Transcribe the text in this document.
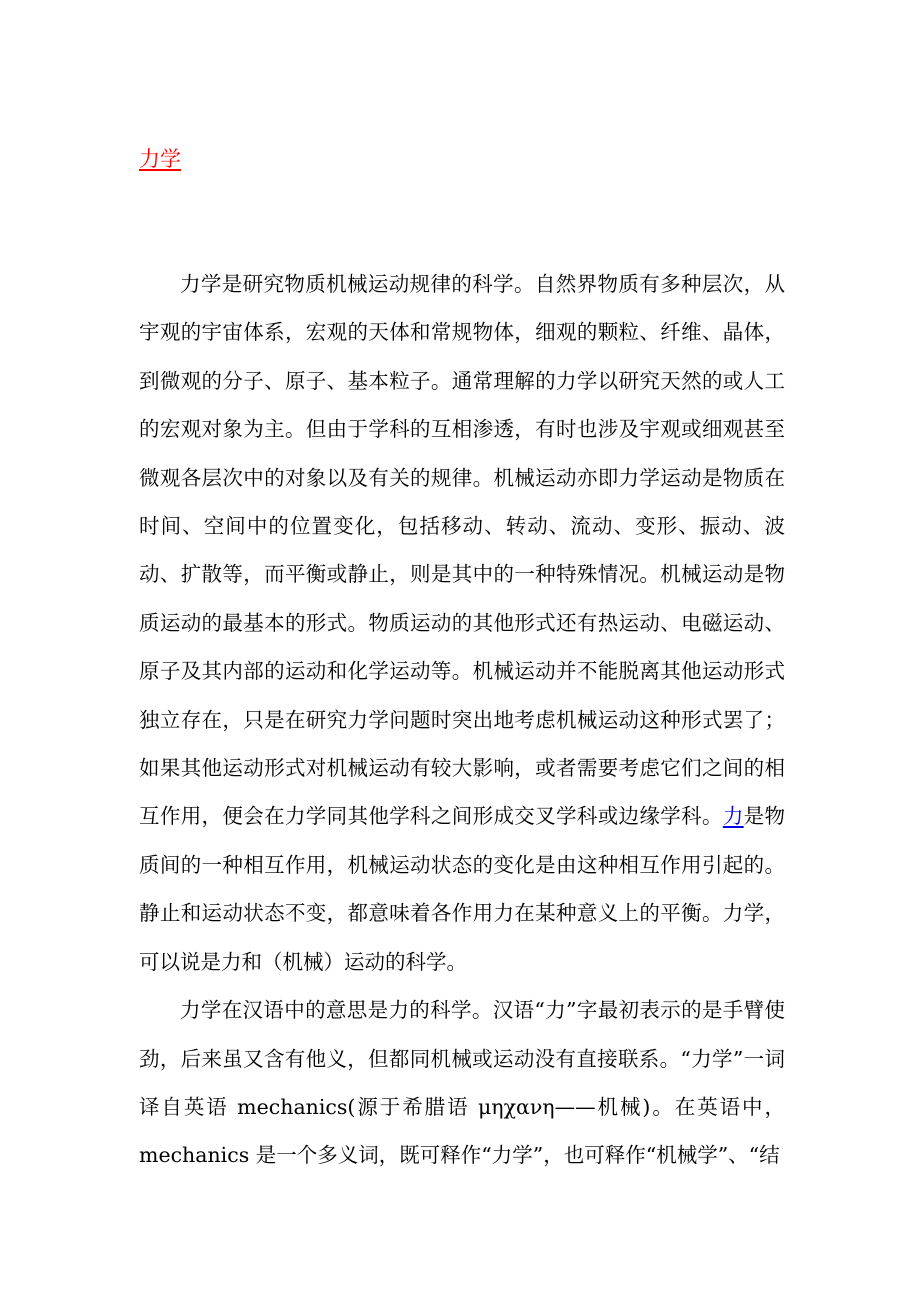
力学

力学是研究物质机械运动规律的科学。自然界物质有多种层次，从宇观的宇宙体系，宏观的天体和常规物体，细观的颗粒、纤维、晶体，到微观的分子、原子、基本粒子。通常理解的力学以研究天然的或人工的宏观对象为主。但由于学科的互相渗透，有时也涉及宇观或细观甚至微观各层次中的对象以及有关的规律。机械运动亦即力学运动是物质在时间、空间中的位置变化，包括移动、转动、流动、变形、振动、波动、扩散等，而平衡或静止，则是其中的一种特殊情况。机械运动是物质运动的最基本的形式。物质运动的其他形式还有热运动、电磁运动、原子及其内部的运动和化学运动等。机械运动并不能脱离其他运动形式独立存在，只是在研究力学问题时突出地考虑机械运动这种形式罢了；如果其他运动形式对机械运动有较大影响，或者需要考虑它们之间的相互作用，便会在力学同其他学科之间形成交叉学科或边缘学科。力是物质间的一种相互作用，机械运动状态的变化是由这种相互作用引起的。静止和运动状态不变，都意味着各作用力在某种意义上的平衡。力学，可以说是力和（机械）运动的科学。

力学在汉语中的意思是力的科学。汉语“力”字最初表示的是手臂使劲，后来虽又含有他义，但都同机械或运动没有直接联系。“力学”一词译自英语 mechanics(源于希腊语 μηχανη——机械)。在英语中，mechanics 是一个多义词，既可释作“力学”，也可释作“机械学”、“结
